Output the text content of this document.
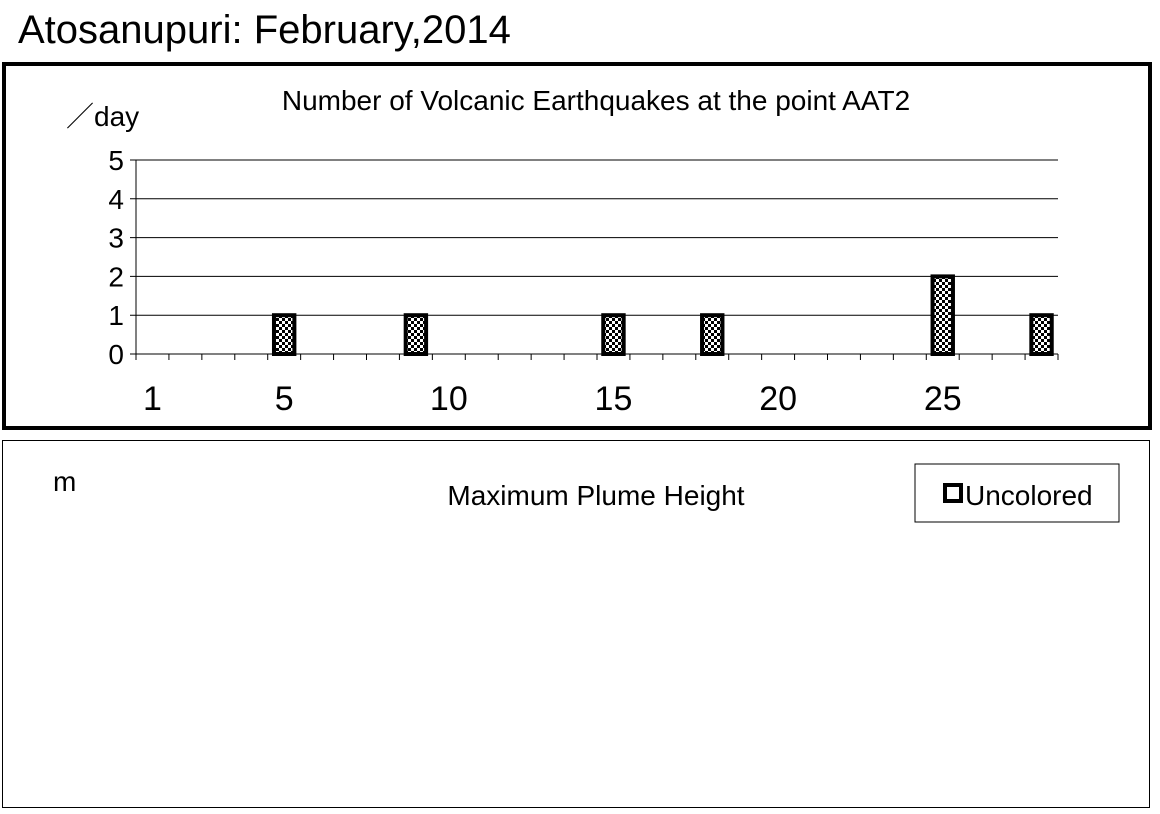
Atosanupuri: February,2014
Number of Volcanic Earthquakes at the point AAT2
／day
0
1
2
3
4
5
1	5	10	15	20	25
Maximum Plume Height
m	Uncolored
